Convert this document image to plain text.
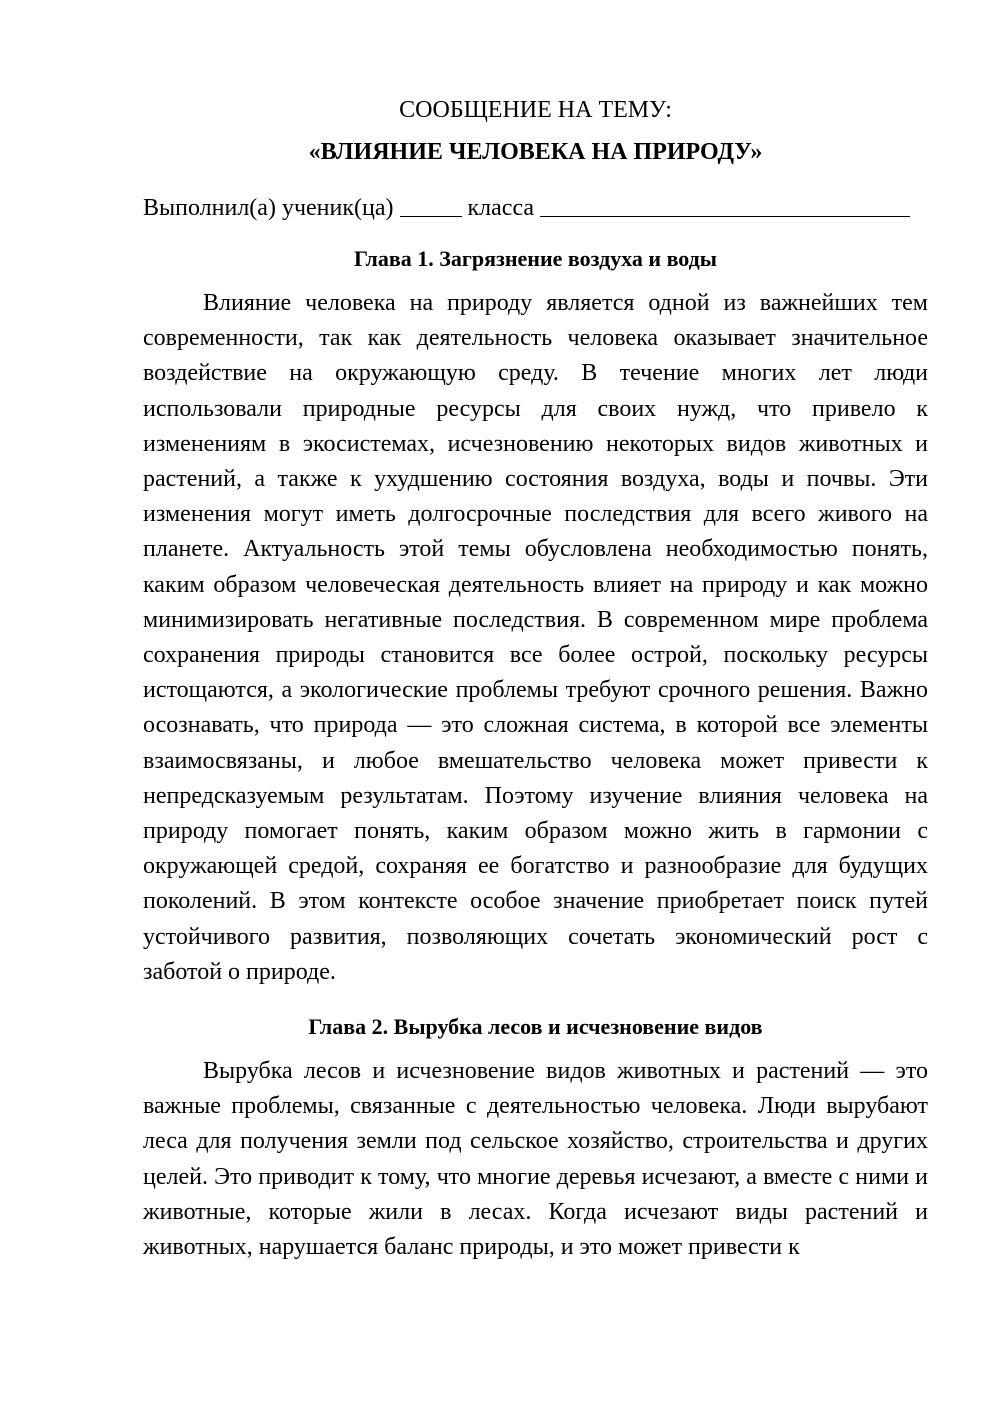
СООБЩЕНИЕ НА ТЕМУ:

«ВЛИЯНИЕ ЧЕЛОВЕКА НА ПРИРОДУ»

Выполнил(а) ученик(ца)	класса

Глава 1. Загрязнение воздуха и воды

Влияние человека на природу является одной из важнейших тем современности, так как деятельность человека оказывает значительное воздействие на окружающую среду. В течение многих лет люди использовали природные ресурсы для своих нужд, что привело к изменениям в экосистемах, исчезновению некоторых видов животных и растений, а также к ухудшению состояния воздуха, воды и почвы. Эти изменения могут иметь долгосрочные последствия для всего живого на планете. Актуальность этой темы обусловлена необходимостью понять, каким образом человеческая деятельность влияет на природу и как можно минимизировать негативные последствия. В современном мире проблема сохранения природы становится все более острой, поскольку ресурсы истощаются, а экологические проблемы требуют срочного решения. Важно осознавать, что природа — это сложная система, в которой все элементы взаимосвязаны, и любое вмешательство человека может привести к непредсказуемым результатам. Поэтому изучение влияния человека на природу помогает понять, каким образом можно жить в гармонии с окружающей средой, сохраняя ее богатство и разнообразие для будущих поколений. В этом контексте особое значение приобретает поиск путей устойчивого развития, позволяющих сочетать экономический рост с заботой о природе.

Глава 2. Вырубка лесов и исчезновение видов

Вырубка лесов и исчезновение видов животных и растений — это важные проблемы, связанные с деятельностью человека. Люди вырубают леса для получения земли под сельское хозяйство, строительства и других целей. Это приводит к тому, что многие деревья исчезают, а вместе с ними и животные, которые жили в лесах. Когда исчезают виды растений и животных, нарушается баланс природы, и это может привести к
